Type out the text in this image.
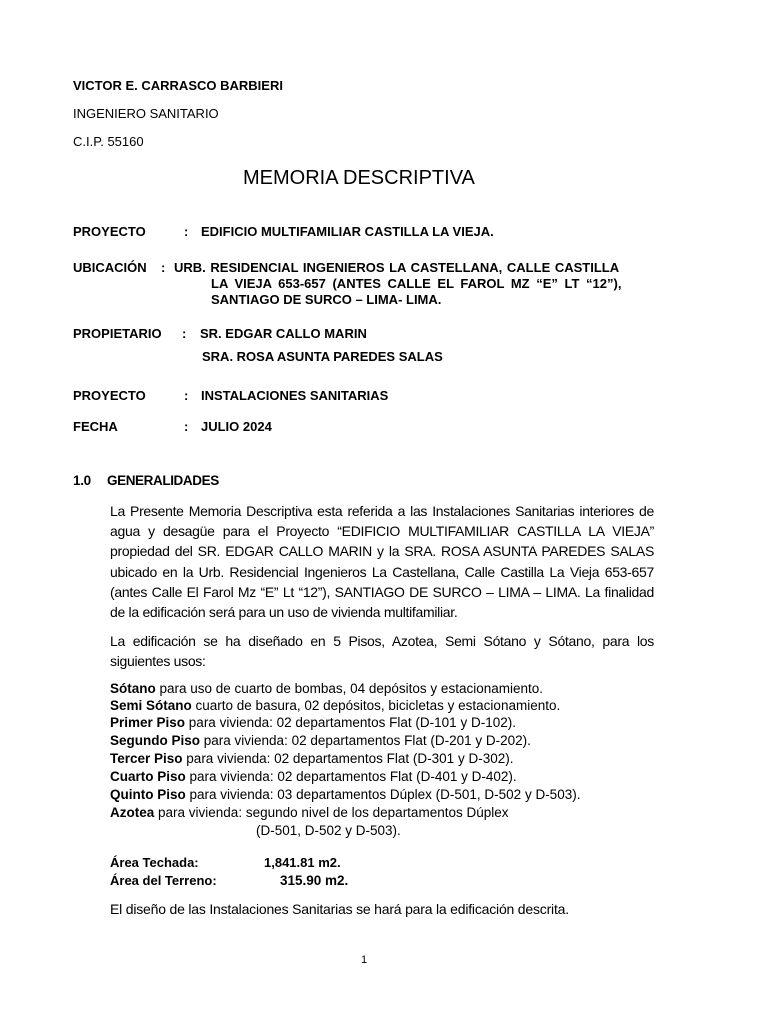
VICTOR E. CARRASCO BARBIERI
INGENIERO SANITARIO
C.I.P. 55160
MEMORIA DESCRIPTIVA
PROYECTO	: EDIFICIO MULTIFAMILIAR CASTILLA LA VIEJA.
UBICACIÓN : URB. RESIDENCIAL INGENIEROS LA CASTELLANA, CALLE CASTILLA
LA VIEJA 653-657 (ANTES CALLE EL FAROL MZ “E” LT “12”),
SANTIAGO DE SURCO – LIMA- LIMA.
PROPIETARIO : SR. EDGAR CALLO MARIN
SRA. ROSA ASUNTA PAREDES SALAS
PROYECTO	: INSTALACIONES SANITARIAS
FECHA	: JULIO 2024
1.0 GENERALIDADES
La Presente Memoria Descriptiva esta referida a las Instalaciones Sanitarias interiores de agua y desagüe para el Proyecto “EDIFICIO MULTIFAMILIAR CASTILLA LA VIEJA” propiedad del SR. EDGAR CALLO MARIN y la SRA. ROSA ASUNTA PAREDES SALAS ubicado en la Urb. Residencial Ingenieros La Castellana, Calle Castilla La Vieja 653-657 (antes Calle El Farol Mz “E” Lt “12”), SANTIAGO DE SURCO – LIMA – LIMA. La finalidad de la edificación será para un uso de vivienda multifamiliar.
La edificación se ha diseñado en 5 Pisos, Azotea, Semi Sótano y Sótano, para los siguientes usos:
Sótano para uso de cuarto de bombas, 04 depósitos y estacionamiento.
Semi Sótano cuarto de basura, 02 depósitos, bicicletas y estacionamiento.
Primer Piso para vivienda: 02 departamentos Flat (D-101 y D-102).
Segundo Piso para vivienda: 02 departamentos Flat (D-201 y D-202).
Tercer Piso para vivienda: 02 departamentos Flat (D-301 y D-302).
Cuarto Piso para vivienda: 02 departamentos Flat (D-401 y D-402).
Quinto Piso para vivienda: 03 departamentos Dúplex (D-501, D-502 y D-503).
Azotea para vivienda: segundo nivel de los departamentos Dúplex
(D-501, D-502 y D-503).
Área Techada:	1,841.81 m2.
Área del Terreno:	315.90 m2.
El diseño de las Instalaciones Sanitarias se hará para la edificación descrita.
1
